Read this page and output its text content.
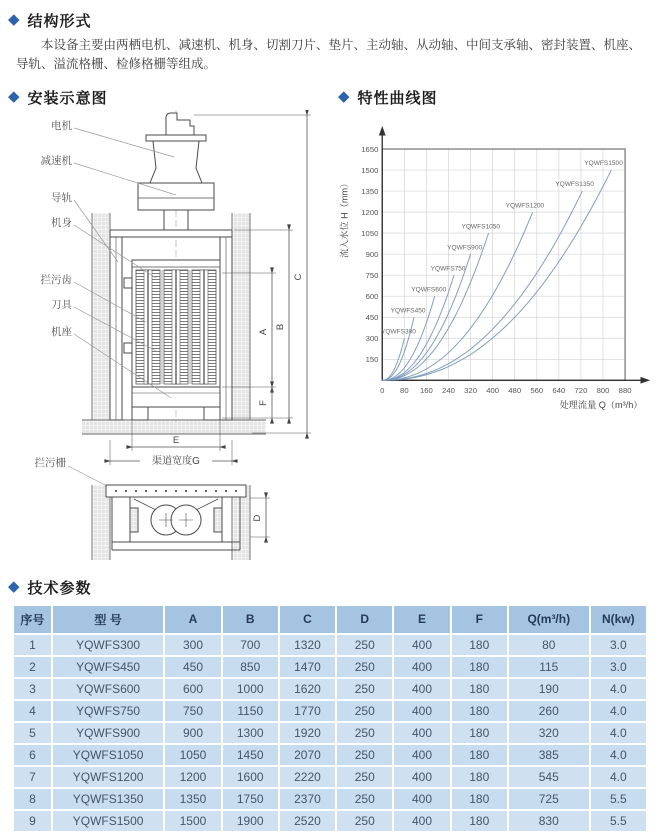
◆ 结构形式

本设备主要由两栖电机、减速机、机身、切割刀片、垫片、主动轴、从动轴、中间支承轴、密封装置、机座、导轨、溢流格栅、检修格栅等组成。

◆ 安装示意图
C
B
A
F
E
渠道宽度G
电机
减速机
导轨
机身
拦污齿
刀具
机座
拦污栅
D
◆ 特性曲线图
0 80 160 240 320 400 480 560 640 720 800 880
150
300
450
600
750
900
1050
1200
1350
1500
1650
处理流量 Q（m³/h）
流入水位 H（mm）
YQWFS300
YQWFS450
YQWFS600
YQWFS750
YQWFS900
YQWFS1050
YQWFS1200
YQWFS1350
YQWFS1500
◆ 技术参数
序号	型 号	A	B	C	D	E	F	Q(m³/h)	N(kw)
1	YQWFS300	300	700	1320	250	400	180	80	3.0
2	YQWFS450	450	850	1470	250	400	180	115	3.0
3	YQWFS600	600	1000	1620	250	400	180	190	4.0
4	YQWFS750	750	1150	1770	250	400	180	260	4.0
5	YQWFS900	900	1300	1920	250	400	180	320	4.0
6	YQWFS1050	1050	1450	2070	250	400	180	385	4.0
7	YQWFS1200	1200	1600	2220	250	400	180	545	4.0
8	YQWFS1350	1350	1750	2370	250	400	180	725	5.5
9	YQWFS1500	1500	1900	2520	250	400	180	830	5.5
